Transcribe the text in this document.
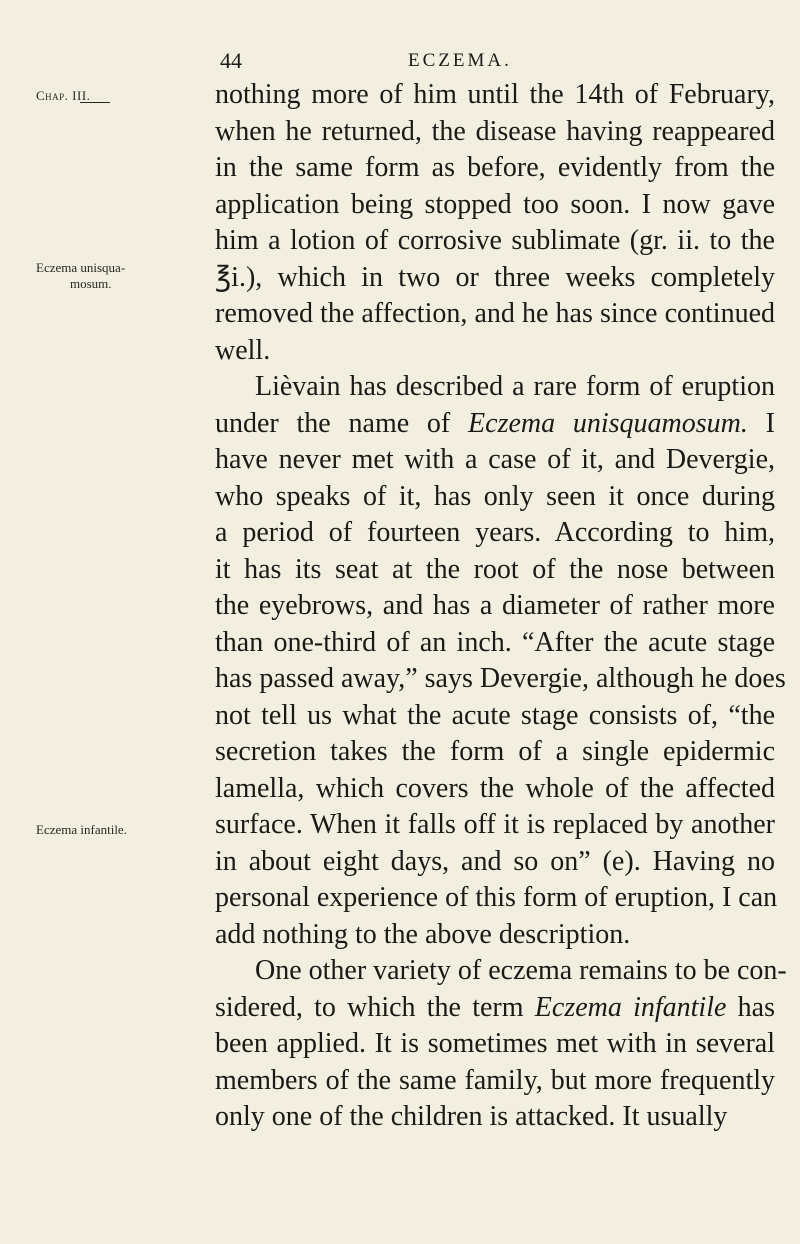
44	ECZEMA.
Chap. III.
Eczema unisqua-
mosum.
Eczema infantile.
nothing more of him until the 14th of February,
when he returned, the disease having reappeared
in the same form as before, evidently from the
application being stopped too soon. I now gave
him a lotion of corrosive sublimate (gr. ii. to the
℥i.), which in two or three weeks completely
removed the affection, and he has since continued
well.
Lièvain has described a rare form of eruption
under the name of Eczema unisquamosum. I
have never met with a case of it, and Devergie,
who speaks of it, has only seen it once during
a period of fourteen years. According to him,
it has its seat at the root of the nose between
the eyebrows, and has a diameter of rather more
than one-third of an inch. “After the acute stage
has passed away,” says Devergie, although he does
not tell us what the acute stage consists of, “the
secretion takes the form of a single epidermic
lamella, which covers the whole of the affected
surface. When it falls off it is replaced by another
in about eight days, and so on” (e). Having no
personal experience of this form of eruption, I can
add nothing to the above description.
One other variety of eczema remains to be con-
sidered, to which the term Eczema infantile has
been applied. It is sometimes met with in several
members of the same family, but more frequently
only one of the children is attacked. It usually
